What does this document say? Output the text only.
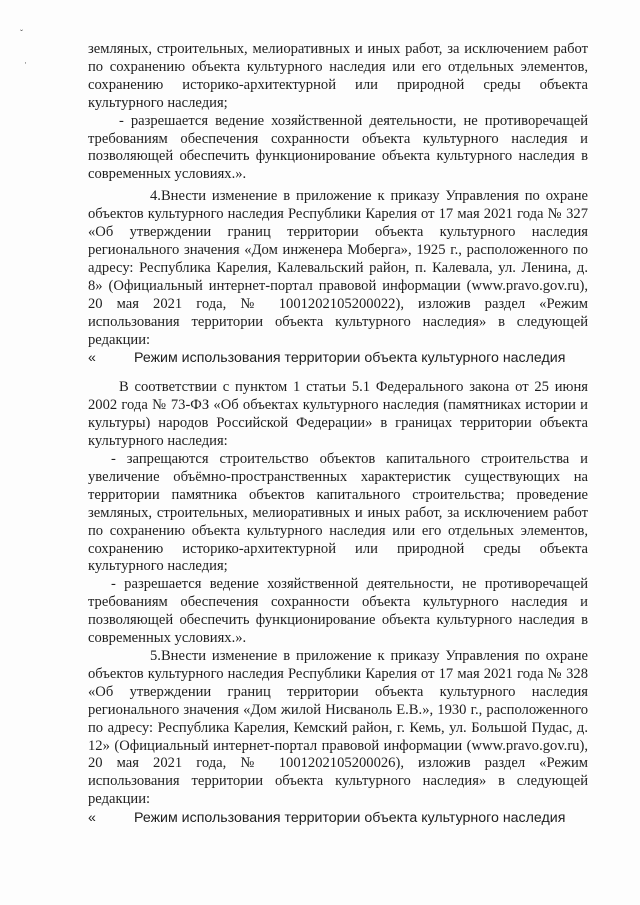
ˇ
·

земляных, строительных, мелиоративных и иных работ, за исключением работ по сохранению объекта культурного наследия или его отдельных элементов, сохранению историко-архитектурной или природной среды объекта культурного наследия;

- разрешается ведение хозяйственной деятельности, не противоречащей требованиям обеспечения сохранности объекта культурного наследия и позволяющей обеспечить функционирование объекта культурного наследия в современных условиях.».

4.Внести изменение в приложение к приказу Управления по охране объектов культурного наследия Республики Карелия от 17 мая 2021 года № 327 «Об утверждении границ территории объекта культурного наследия регионального значения «Дом инженера Моберга», 1925 г., расположенного по адресу: Республика Карелия, Калевальский район, п. Калевала, ул. Ленина, д. 8» (Официальный интернет-портал правовой информации (www.pravo.gov.ru), 20 мая 2021 года, № 1001202105200022), изложив раздел «Режим использования территории объекта культурного наследия» в следующей редакции:

«	Режим использования территории объекта культурного наследия

В соответствии с пунктом 1 статьи 5.1 Федерального закона от 25 июня 2002 года № 73-ФЗ «Об объектах культурного наследия (памятниках истории и культуры) народов Российской Федерации» в границах территории объекта культурного наследия:

- запрещаются строительство объектов капитального строительства и увеличение объёмно-пространственных характеристик существующих на территории памятника объектов капитального строительства; проведение земляных, строительных, мелиоративных и иных работ, за исключением работ по сохранению объекта культурного наследия или его отдельных элементов, сохранению историко-архитектурной или природной среды объекта культурного наследия;

- разрешается ведение хозяйственной деятельности, не противоречащей требованиям обеспечения сохранности объекта культурного наследия и позволяющей обеспечить функционирование объекта культурного наследия в современных условиях.».

5.Внести изменение в приложение к приказу Управления по охране объектов культурного наследия Республики Карелия от 17 мая 2021 года № 328 «Об утверждении границ территории объекта культурного наследия регионального значения «Дом жилой Нисваноль Е.В.», 1930 г., расположенного по адресу: Республика Карелия, Кемский район, г. Кемь, ул. Большой Пудас, д. 12» (Официальный интернет-портал правовой информации (www.pravo.gov.ru), 20 мая 2021 года, № 1001202105200026), изложив раздел «Режим использования территории объекта культурного наследия» в следующей редакции:

«	Режим использования территории объекта культурного наследия
